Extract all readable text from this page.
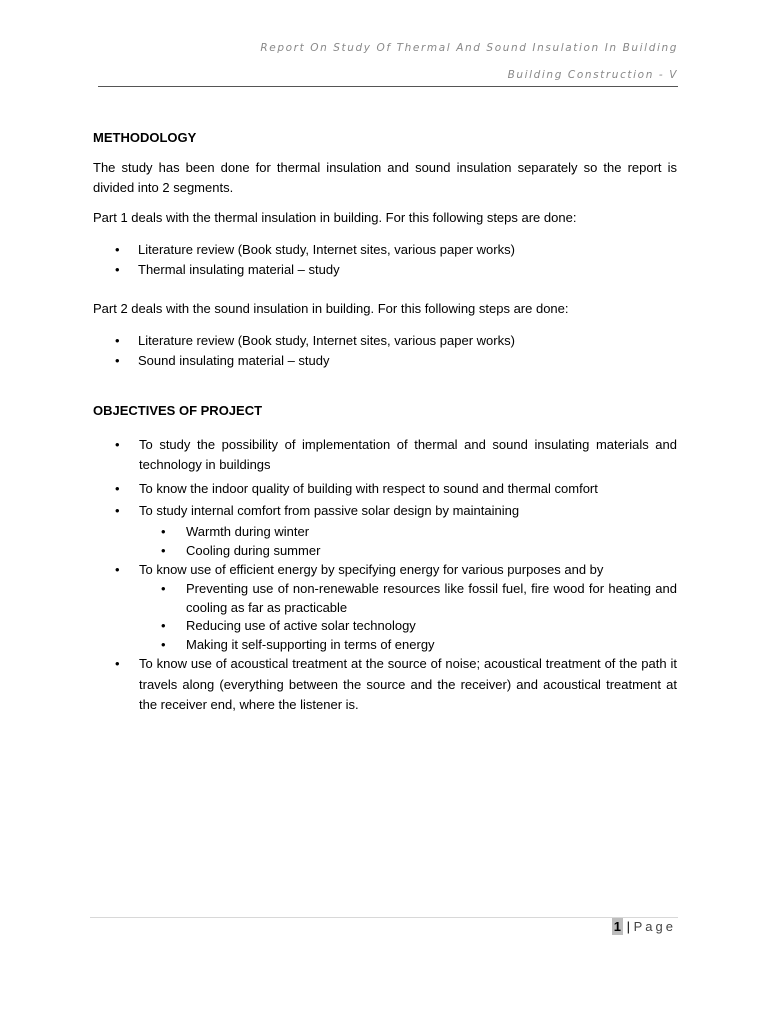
Report On Study Of Thermal And Sound Insulation In Building
Building Construction - V
METHODOLOGY

The study has been done for thermal insulation and sound insulation separately so the report is divided into 2 segments.

Part 1 deals with the thermal insulation in building. For this following steps are done:

• Literature review (Book study, Internet sites, various paper works)
• Thermal insulating material – study

Part 2 deals with the sound insulation in building. For this following steps are done:

• Literature review (Book study, Internet sites, various paper works)
• Sound insulating material – study
OBJECTIVES OF PROJECT
• To study the possibility of implementation of thermal and sound insulating materials and technology in buildings
• To know the indoor quality of building with respect to sound and thermal comfort
• To study internal comfort from passive solar design by maintaining
• Warmth during winter
• Cooling during summer
• To know use of efficient energy by specifying energy for various purposes and by
• Preventing use of non-renewable resources like fossil fuel, fire wood for heating and cooling as far as practicable
• Reducing use of active solar technology
• Making it self-supporting in terms of energy
• To know use of acoustical treatment at the source of noise; acoustical treatment of the path it travels along (everything between the source and the receiver) and acoustical treatment at the receiver end, where the listener is.
1 | Page
